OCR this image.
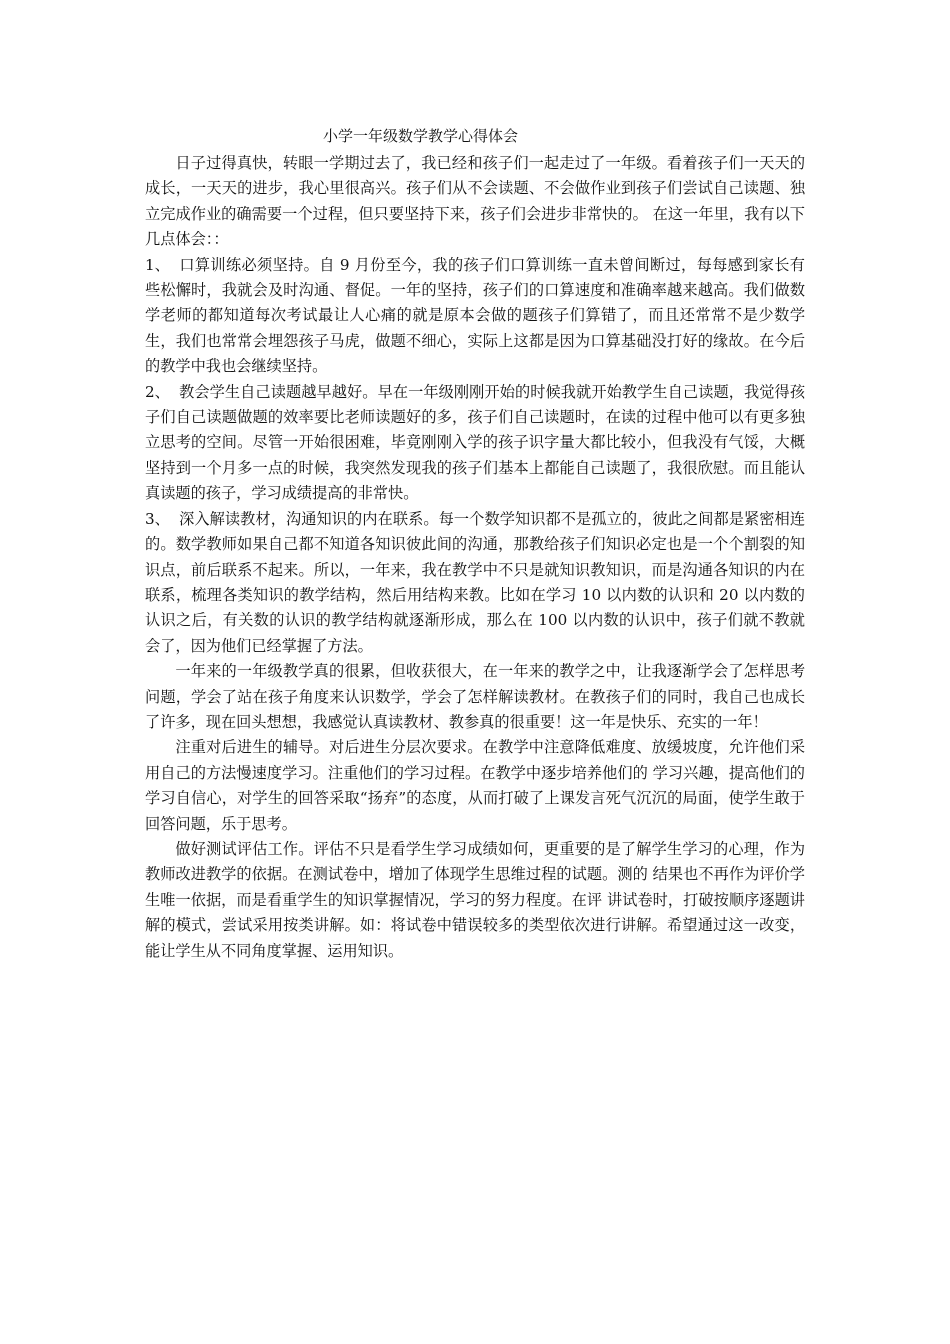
小学一年级数学教学心得体会

日子过得真快，转眼一学期过去了，我已经和孩子们一起走过了一年级。看着孩子们一天天的成长，一天天的进步，我心里很高兴。孩子们从不会读题、不会做作业到孩子们尝试自己读题、独立完成作业的确需要一个过程，但只要坚持下来，孩子们会进步非常快的。 在这一年里，我有以下几点体会：：

1、 口算训练必须坚持。自 9 月份至今，我的孩子们口算训练一直未曾间断过，每每感到家长有些松懈时，我就会及时沟通、督促。一年的坚持，孩子们的口算速度和准确率越来越高。我们做数学老师的都知道每次考试最让人心痛的就是原本会做的题孩子们算错了，而且还常常不是少数学生，我们也常常会埋怨孩子马虎，做题不细心，实际上这都是因为口算基础没打好的缘故。在今后的教学中我也会继续坚持。

2、 教会学生自己读题越早越好。早在一年级刚刚开始的时候我就开始教学生自己读题，我觉得孩子们自己读题做题的效率要比老师读题好的多，孩子们自己读题时，在读的过程中他可以有更多独立思考的空间。尽管一开始很困难，毕竟刚刚入学的孩子识字量大都比较小，但我没有气馁，大概坚持到一个月多一点的时候，我突然发现我的孩子们基本上都能自己读题了，我很欣慰。而且能认真读题的孩子，学习成绩提高的非常快。

3、 深入解读教材，沟通知识的内在联系。每一个数学知识都不是孤立的，彼此之间都是紧密相连的。数学教师如果自己都不知道各知识彼此间的沟通，那教给孩子们知识必定也是一个个割裂的知识点，前后联系不起来。所以，一年来，我在教学中不只是就知识教知识，而是沟通各知识的内在联系，梳理各类知识的教学结构，然后用结构来教。比如在学习 10 以内数的认识和 20 以内数的认识之后，有关数的认识的教学结构就逐渐形成，那么在 100 以内数的认识中，孩子们就不教就会了，因为他们已经掌握了方法。

一年来的一年级教学真的很累，但收获很大，在一年来的教学之中，让我逐渐学会了怎样思考问题，学会了站在孩子角度来认识数学，学会了怎样解读教材。在教孩子们的同时，我自己也成长了许多，现在回头想想，我感觉认真读教材、教参真的很重要！这一年是快乐、充实的一年！

注重对后进生的辅导。对后进生分层次要求。在教学中注意降低难度、放缓坡度，允许他们采用自己的方法慢速度学习。注重他们的学习过程。在教学中逐步培养他们的 学习兴趣，提高他们的学习自信心，对学生的回答采取“扬弃”的态度，从而打破了上课发言死气沉沉的局面，使学生敢于回答问题，乐于思考。

做好测试评估工作。评估不只是看学生学习成绩如何，更重要的是了解学生学习的心理，作为教师改进教学的依据。在测试卷中，增加了体现学生思维过程的试题。测的 结果也不再作为评价学生唯一依据，而是看重学生的知识掌握情况，学习的努力程度。在评 讲试卷时，打破按顺序逐题讲解的模式，尝试采用按类讲解。如：将试卷中错误较多的类型依次进行讲解。希望通过这一改变，能让学生从不同角度掌握、运用知识。
